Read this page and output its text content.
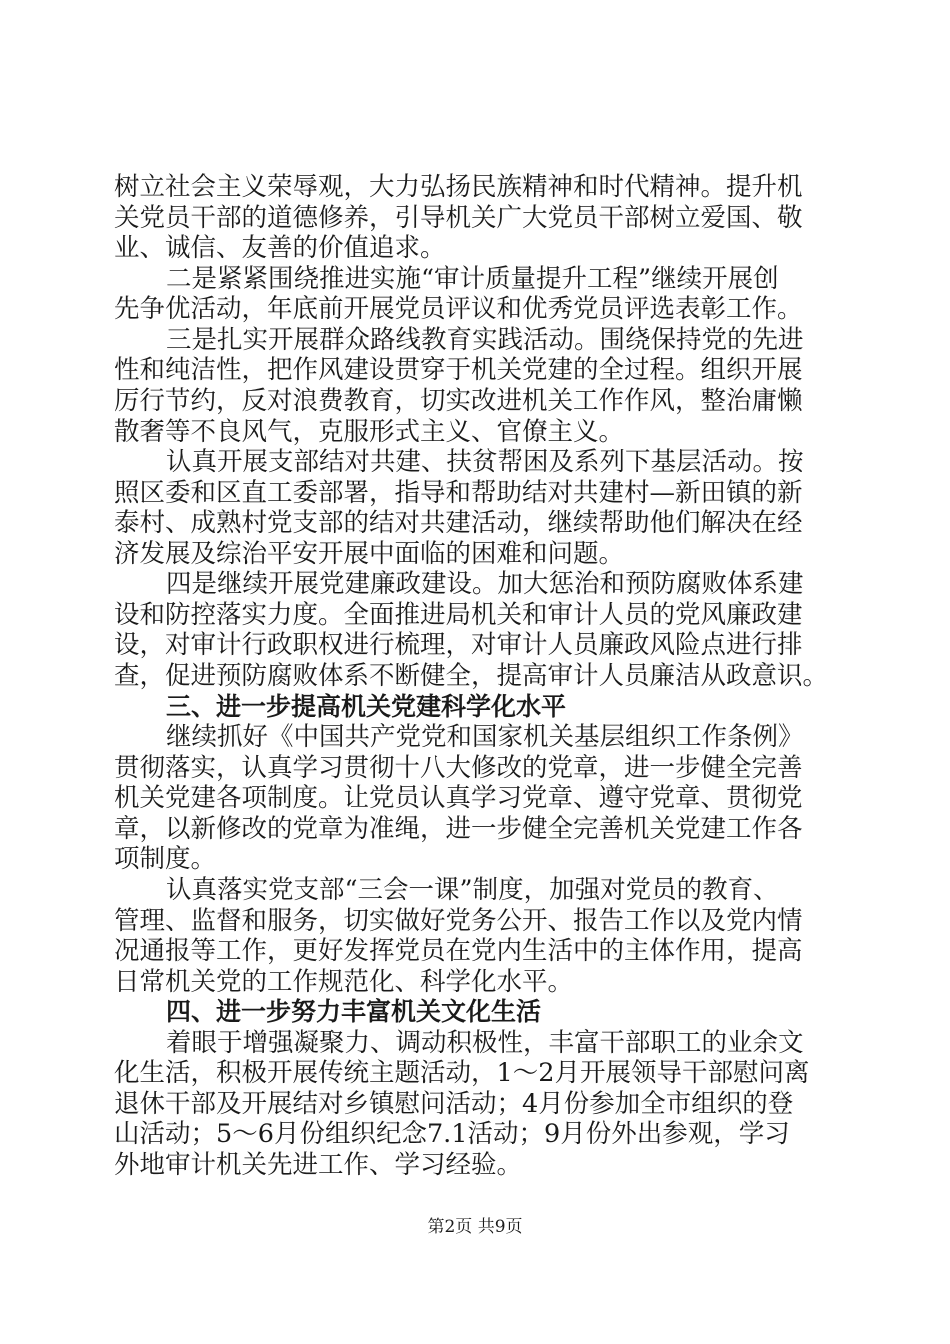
树立社会主义荣辱观，大力弘扬民族精神和时代精神。提升机
关党员干部的道德修养，引导机关广大党员干部树立爱国、敬
业、诚信、友善的价值追求。
二是紧紧围绕推进实施“审计质量提升工程”继续开展创
先争优活动，年底前开展党员评议和优秀党员评选表彰工作。
三是扎实开展群众路线教育实践活动。围绕保持党的先进
性和纯洁性，把作风建设贯穿于机关党建的全过程。组织开展
厉行节约，反对浪费教育，切实改进机关工作作风，整治庸懒
散奢等不良风气，克服形式主义、官僚主义。
认真开展支部结对共建、扶贫帮困及系列下基层活动。按
照区委和区直工委部署，指导和帮助结对共建村—新田镇的新
泰村、成熟村党支部的结对共建活动，继续帮助他们解决在经
济发展及综治平安开展中面临的困难和问题。
四是继续开展党建廉政建设。加大惩治和预防腐败体系建
设和防控落实力度。全面推进局机关和审计人员的党风廉政建
设，对审计行政职权进行梳理，对审计人员廉政风险点进行排
查，促进预防腐败体系不断健全，提高审计人员廉洁从政意识。
三、进一步提高机关党建科学化水平
继续抓好《中国共产党党和国家机关基层组织工作条例》
贯彻落实，认真学习贯彻十八大修改的党章，进一步健全完善
机关党建各项制度。让党员认真学习党章、遵守党章、贯彻党
章，以新修改的党章为准绳，进一步健全完善机关党建工作各
项制度。
认真落实党支部“三会一课”制度，加强对党员的教育、
管理、监督和服务，切实做好党务公开、报告工作以及党内情
况通报等工作，更好发挥党员在党内生活中的主体作用，提高
日常机关党的工作规范化、科学化水平。
四、进一步努力丰富机关文化生活
着眼于增强凝聚力、调动积极性，丰富干部职工的业余文
化生活，积极开展传统主题活动，1～2月开展领导干部慰问离
退休干部及开展结对乡镇慰问活动；4月份参加全市组织的登
山活动；5～6月份组织纪念7.1活动；9月份外出参观，学习
外地审计机关先进工作、学习经验。
第2页 共9页
